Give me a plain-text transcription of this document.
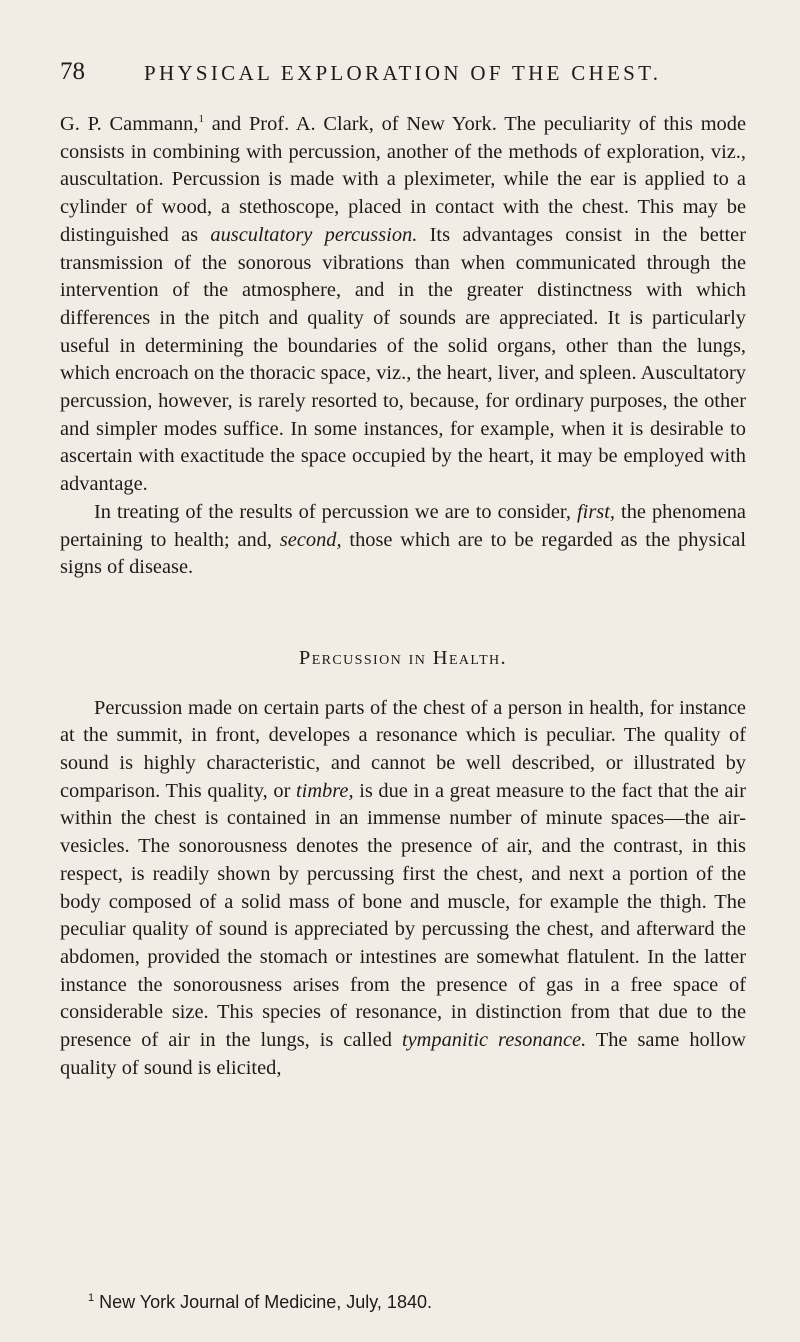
78	PHYSICAL EXPLORATION OF THE CHEST.

G. P. Cammann,$^1$ and Prof. A. Clark, of New York. The peculiarity of this mode consists in combining with percussion, another of the methods of exploration, viz., auscultation. Percussion is made with a pleximeter, while the ear is applied to a cylinder of wood, a stethoscope, placed in contact with the chest. This may be distinguished as auscultatory percussion. Its advantages consist in the better transmission of the sonorous vibrations than when communicated through the intervention of the atmosphere, and in the greater distinctness with which differences in the pitch and quality of sounds are appreciated. It is particularly useful in determining the boundaries of the solid organs, other than the lungs, which encroach on the thoracic space, viz., the heart, liver, and spleen. Auscultatory percussion, however, is rarely resorted to, because, for ordinary purposes, the other and simpler modes suffice. In some instances, for example, when it is desirable to ascertain with exactitude the space occupied by the heart, it may be employed with advantage.

In treating of the results of percussion we are to consider, first, the phenomena pertaining to health; and, second, those which are to be regarded as the physical signs of disease.

Percussion in Health.

Percussion made on certain parts of the chest of a person in health, for instance at the summit, in front, developes a resonance which is peculiar. The quality of sound is highly characteristic, and cannot be well described, or illustrated by comparison. This quality, or timbre, is due in a great measure to the fact that the air within the chest is contained in an immense number of minute spaces—the air-vesicles. The sonorousness denotes the presence of air, and the contrast, in this respect, is readily shown by percussing first the chest, and next a portion of the body composed of a solid mass of bone and muscle, for example the thigh. The peculiar quality of sound is appreciated by percussing the chest, and afterward the abdomen, provided the stomach or intestines are somewhat flatulent. In the latter instance the sonorousness arises from the presence of gas in a free space of considerable size. This species of resonance, in distinction from that due to the presence of air in the lungs, is called tympanitic resonance. The same hollow quality of sound is elicited,

$^1$ New York Journal of Medicine, July, 1840.
